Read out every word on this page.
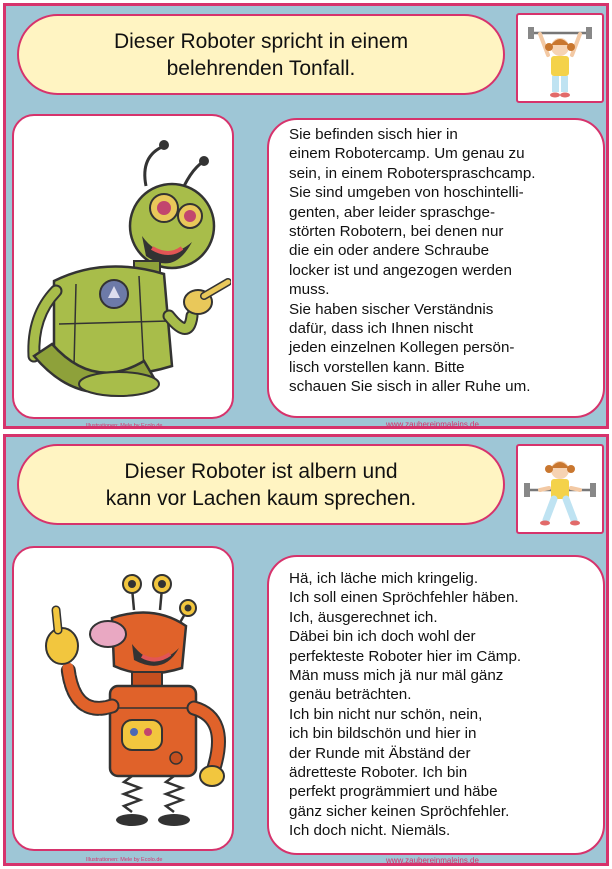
Dieser Roboter spricht in einem
belehrenden Tonfall.
Illustrationen: Mele by Ecolo.de

Sie befinden sisch hier in

einem Robotercamp. Um genau zu

sein, in einem Roboterspraschcamp.

Sie sind umgeben von hoschintelli-

genten, aber leider spraschge-

störten Robotern, bei denen nur

die ein oder andere Schraube

locker ist und angezogen werden

muss.

Sie haben sischer Verständnis

dafür, dass ich Ihnen nischt

jeden einzelnen Kollegen persön-

lisch vorstellen kann. Bitte

schauen Sie sisch in aller Ruhe um.

www.zaubereinmaleins.de
Dieser Roboter ist albern und
kann vor Lachen kaum sprechen.
Illustrationen: Mele by Ecolo.de

Hä, ich läche mich kringelig.

Ich soll einen Spröchfehler häben.

Ich, äusgerechnet ich.

Däbei bin ich doch wohl der

perfekteste Roboter hier im Cämp.

Män muss mich jä nur mäl gänz

genäu beträchten.

Ich bin nicht nur schön, nein,

ich bin bildschön und hier in

der Runde mit Äbständ der

ädretteste Roboter. Ich bin

perfekt progrämmiert und häbe

gänz sicher keinen Spröchfehler.

Ich doch nicht. Niemäls.

www.zaubereinmaleins.de
